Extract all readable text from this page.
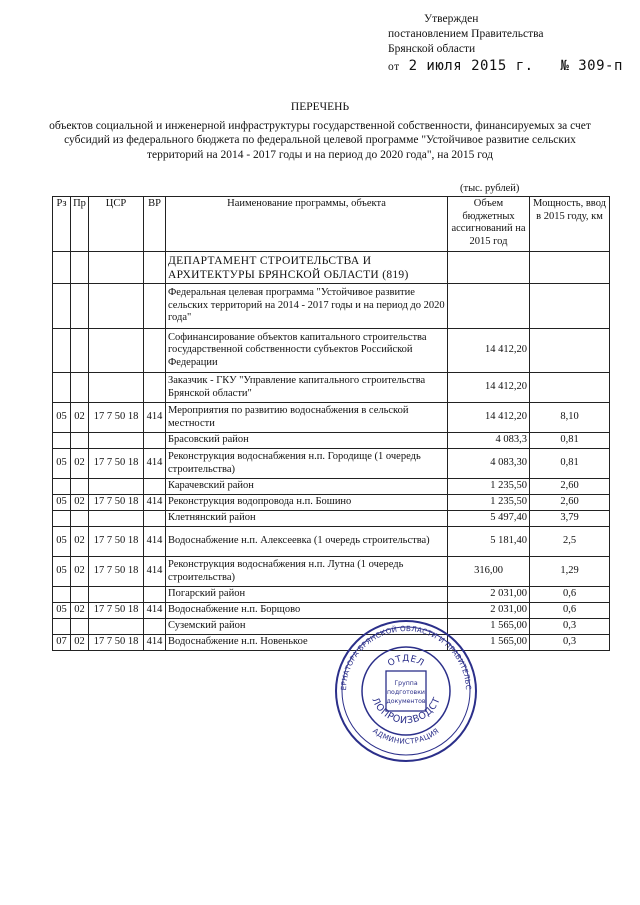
Утвержден
постановлением Правительства
Брянской области
от 2 июля 2015 г. № 309-п
ПЕРЕЧЕНЬ
объектов социальной и инженерной инфраструктуры государственной собственности, финансируемых за счет субсидий из федерального бюджета по федеральной целевой программе "Устойчивое развитие сельских территорий на 2014 - 2017 годы и на период до 2020 года", на 2015 год
(тыс. рублей)
Рз	Пр	ЦСР	ВР	Наименование программы, объекта	Объем бюджетных ассигнований на 2015 год	Мощность, ввод в 2015 году, км
				ДЕПАРТАМЕНТ СТРОИТЕЛЬСТВА И АРХИТЕКТУРЫ БРЯНСКОЙ ОБЛАСТИ (819)		
				Федеральная целевая программа "Устойчивое развитие сельских территорий на 2014 - 2017 годы и на период до 2020 года"		
				Софинансирование объектов капитального строительства государственной собственности субъектов Российской Федерации	14 412,20	
				Заказчик - ГКУ "Управление капитального строительства Брянской области"	14 412,20	
05	02	17 7 50 18	414	Мероприятия по развитию водоснабжения в сельской местности	14 412,20	8,10
				Брасовский район	4 083,3	0,81
05	02	17 7 50 18	414	Реконструкция водоснабжения н.п. Городище (1 очередь строительства)	4 083,30	0,81
				Карачевский район	1 235,50	2,60
05	02	17 7 50 18	414	Реконструкция водопровода н.п. Бошино	1 235,50	2,60
				Клетнянский район	5 497,40	3,79
05	02	17 7 50 18	414	Водоснабжение н.п. Алексеевка (1 очередь строительства)	5 181,40	2,5
05	02	17 7 50 18	414	Реконструкция водоснабжения н.п. Лутна (1 очередь строительства)	316,00	1,29
				Погарский район	2 031,00	0,6
05	02	17 7 50 18	414	Водоснабжение н.п. Борщово	2 031,00	0,6
				Суземский район	1 565,00	0,3
07	02	17 7 50 18	414	Водоснабжение н.п. Новенькое	1 565,00	0,3
ЕРНАТОРА БРЯНСКОЙ ОБЛАСТИ И ПРАВИТЕЛЬС
АДМИНИСТРАЦИЯ
ЛОПРОИЗВОДСТ
ОТДЕЛ
Группа
подготовки
документов
